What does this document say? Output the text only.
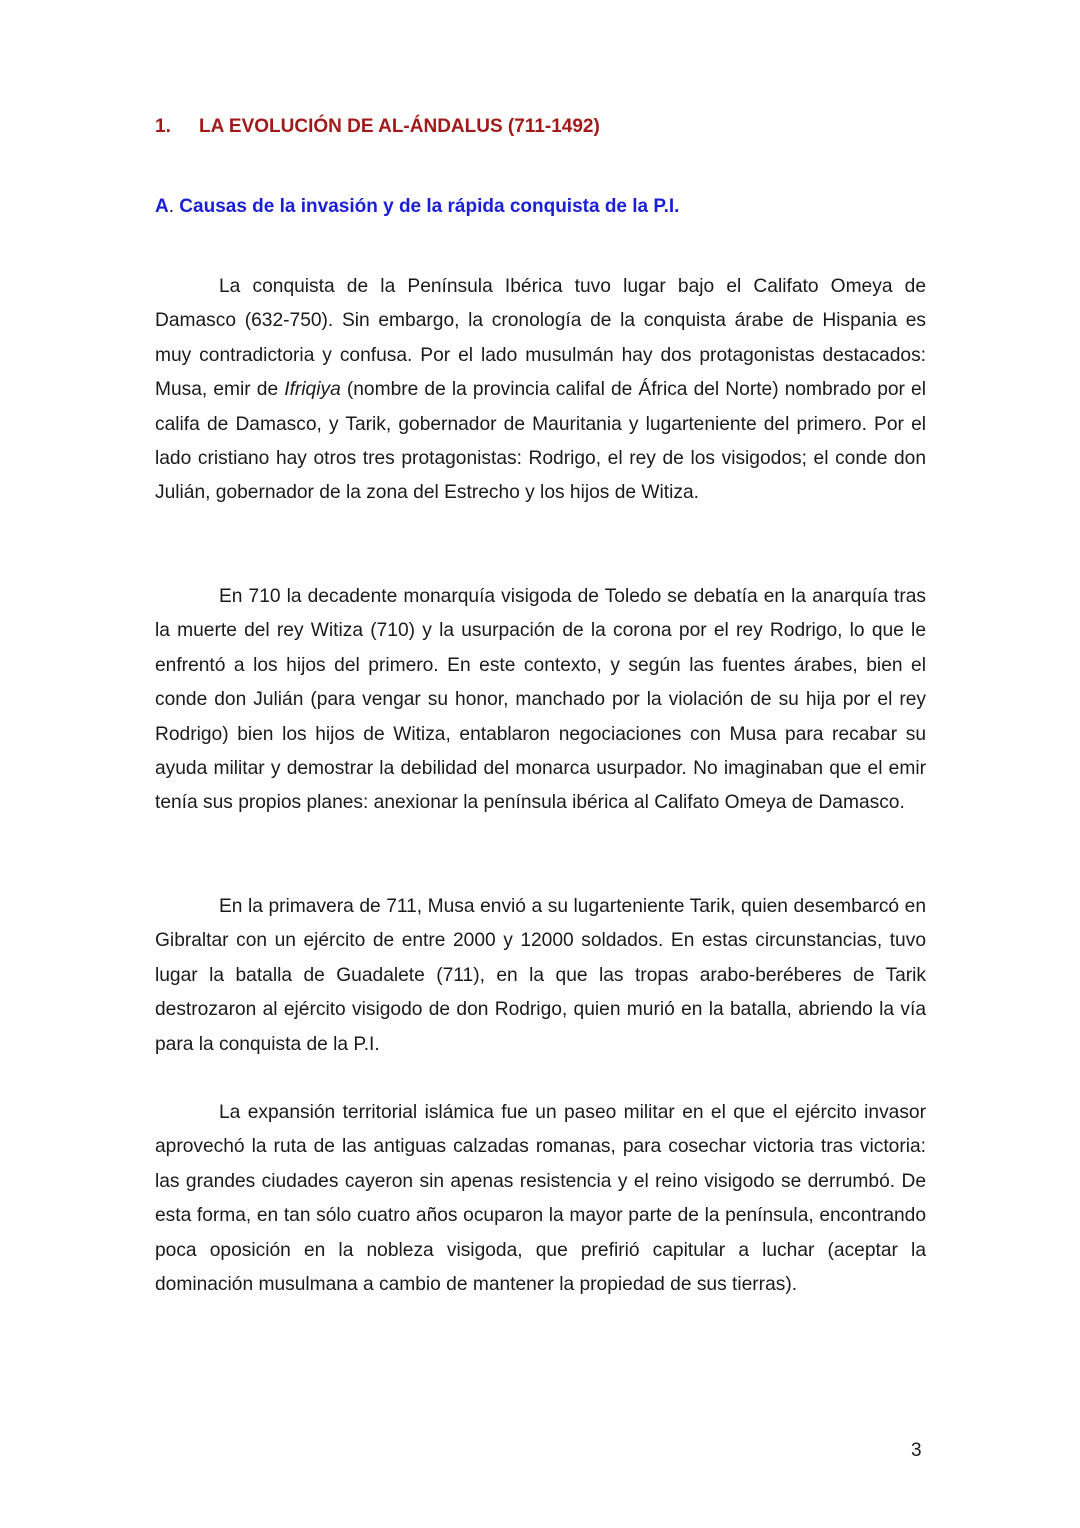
1. LA EVOLUCIÓN DE AL-ÁNDALUS (711-1492)
A. Causas de la invasión y de la rápida conquista de la P.I.

La conquista de la Península Ibérica tuvo lugar bajo el Califato Omeya de Damasco (632-750). Sin embargo, la cronología de la conquista árabe de Hispania es muy contradictoria y confusa. Por el lado musulmán hay dos protagonistas destacados: Musa, emir de Ifriqiya (nombre de la provincia califal de África del Norte) nombrado por el califa de Damasco, y Tarik, gobernador de Mauritania y lugarteniente del primero. Por el lado cristiano hay otros tres protagonistas: Rodrigo, el rey de los visigodos; el conde don Julián, gobernador de la zona del Estrecho y los hijos de Witiza.

En 710 la decadente monarquía visigoda de Toledo se debatía en la anarquía tras la muerte del rey Witiza (710) y la usurpación de la corona por el rey Rodrigo, lo que le enfrentó a los hijos del primero. En este contexto, y según las fuentes árabes, bien el conde don Julián (para vengar su honor, manchado por la violación de su hija por el rey Rodrigo) bien los hijos de Witiza, entablaron negociaciones con Musa para recabar su ayuda militar y demostrar la debilidad del monarca usurpador. No imaginaban que el emir tenía sus propios planes: anexionar la península ibérica al Califato Omeya de Damasco.

En la primavera de 711, Musa envió a su lugarteniente Tarik, quien desembarcó en Gibraltar con un ejército de entre 2000 y 12000 soldados. En estas circunstancias, tuvo lugar la batalla de Guadalete (711), en la que las tropas arabo-beréberes de Tarik destrozaron al ejército visigodo de don Rodrigo, quien murió en la batalla, abriendo la vía para la conquista de la P.I.

La expansión territorial islámica fue un paseo militar en el que el ejército invasor aprovechó la ruta de las antiguas calzadas romanas, para cosechar victoria tras victoria: las grandes ciudades cayeron sin apenas resistencia y el reino visigodo se derrumbó. De esta forma, en tan sólo cuatro años ocuparon la mayor parte de la península, encontrando poca oposición en la nobleza visigoda, que prefirió capitular a luchar (aceptar la dominación musulmana a cambio de mantener la propiedad de sus tierras).

3
